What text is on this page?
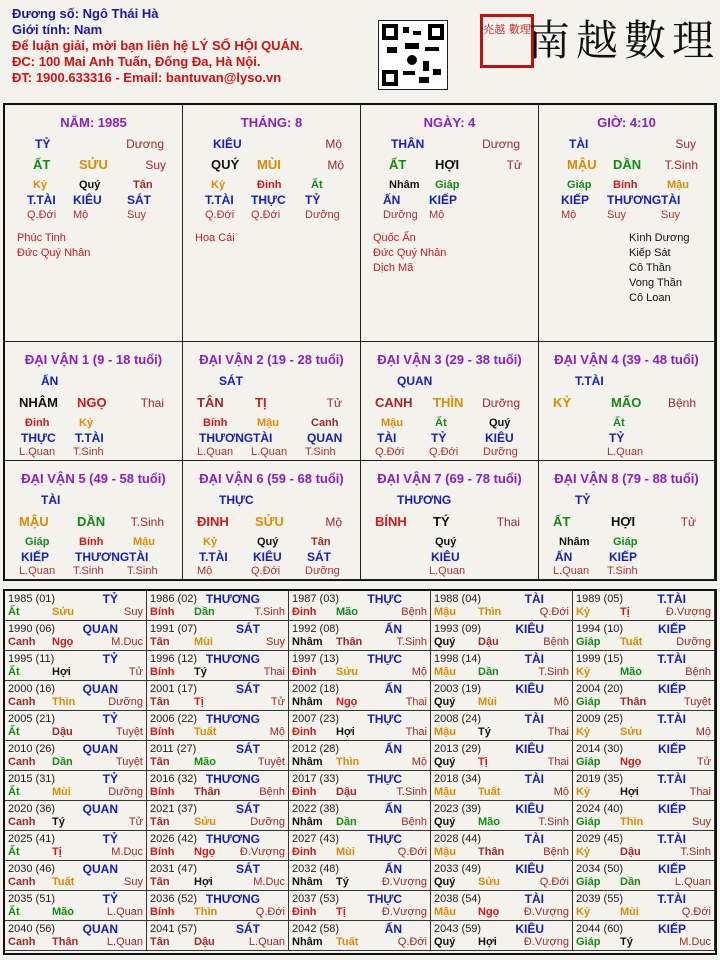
Đương số: Ngô Thái Hà
Giới tính: Nam
Để luận giải, mời bạn liên hệ LÝ SỐ HỘI QUÁN.
ĐC: 100 Mai Anh Tuấn, Đống Đa, Hà Nội.
ĐT: 1900.633316 - Email: bantuvan@lyso.vn
灮越 數理
南越數理
NĂM: 1985
TỶ	Dương
ẤT SỬU	Suy
Kỷ	Quý	Tân
T.TÀI KIÊU SÁT
Q.Đới Mộ	Suy
Phúc Tinh
Đức Quý Nhân
THÁNG: 8
KIÊU	Mộ
QUÝ MÙI	Mộ
Kỷ	Đinh	Ất
T.TÀI THỰC TỶ
Q.Đới Q.Đới Dưỡng
Hoa Cái
NGÀY: 4
THÂN	Dương
ẤT HỢI	Tử
Nhâm Giáp
ẤN KIẾP
Dưỡng Mộ
Quốc Ấn
Đức Quý Nhân
Dịch Mã
GIỜ: 4:10
TÀI	Suy
MẬU DẦN T.Sinh
Giáp Bính	Mậu
KIẾP THƯƠNG TÀI
Mộ	Suy	Suy
Kình Dương
Kiếp Sát
Cô Thần
Vong Thần
Cô Loan
ĐẠI VẬN 1 (9 - 18 tuổi)
ẤN
NHÂM NGỌ	Thai
Đinh	Kỷ
THỰC T.TÀI
L.Quan T.Sinh
ĐẠI VẬN 2 (19 - 28 tuổi)
SÁT
TÂN TỊ	Tử
Bính	Mậu	Canh
THƯƠNG TÀI	QUAN
L.Quan L.Quan T.Sinh
ĐẠI VẬN 3 (29 - 38 tuổi)
QUAN
CANH THÌN Dưỡng
Mậu	Ất	Quý
TÀI	TỶ	KIÊU
Q.Đới Q.Đới Dưỡng
ĐẠI VẬN 4 (39 - 48 tuổi)
T.TÀI
KỶ	MÃO Bệnh
Ất
TỶ
L.Quan
ĐẠI VẬN 5 (49 - 58 tuổi)
TÀI
MẬU DẦN T.Sinh
Giáp	Bính	Mậu
KIẾP THƯƠNG TÀI
L.Quan T.Sinh T.Sinh
ĐẠI VẬN 6 (59 - 68 tuổi)
THỰC
ĐINH SỬU	Mộ
Kỷ	Quý	Tân
T.TÀI KIÊU SÁT
Mộ	Q.Đới Dưỡng
ĐẠI VẬN 7 (69 - 78 tuổi)
THƯƠNG
BÍNH TÝ	Thai
Quý
KIÊU
L.Quan
ĐẠI VẬN 8 (79 - 88 tuổi)
TỶ
ẤT	HỢI	Tử
Nhâm Giáp
ẤN	KIẾP
L.Quan T.Sinh
1985 (01)	TỶ
Ất	Sửu	Suy
1986 (02) THƯƠNG
Bính Dần	T.Sinh
1987 (03) THỰC
Đinh Mão	Bệnh
1988 (04)	TÀI
Mậu Thìn	Q.Đới
1989 (05)	T.TÀI
Kỷ	Tị	Đ.Vượng
1990 (06) QUAN
Canh Ngọ	M.Dục
1991 (07)	SÁT
Tân Mùi	Suy
1992 (08)	ẤN
Nhâm Thân	T.Sinh
1993 (09)	KIÊU
Quý Dậu	Bệnh
1994 (10)	KIẾP
Giáp Tuất	Dưỡng
1995 (11)	TỶ
Ất	Hợi	Tử
1996 (12) THƯƠNG
Bính Tý	Thai
1997 (13) THỰC
Đinh Sửu	Mộ
1998 (14)	TÀI
Mậu Dần	T.Sinh
1999 (15)	T.TÀI
Kỷ	Mão	Bệnh
2000 (16) QUAN
Canh Thìn	Dưỡng
2001 (17)	SÁT
Tân Tị	Tử
2002 (18)	ẤN
Nhâm Ngọ	Thai
2003 (19)	KIÊU
Quý Mùi	Mộ
2004 (20)	KIẾP
Giáp Thân	Tuyệt
2005 (21)	TỶ
Ất	Dậu	Tuyệt
2006 (22) THƯƠNG
Bính Tuất	Mộ
2007 (23) THỰC
Đinh Hợi	Thai
2008 (24)	TÀI
Mậu Tý	Thai
2009 (25)	T.TÀI
Kỷ	Sửu	Mộ
2010 (26) QUAN
Canh Dần	Tuyệt
2011 (27)	SÁT
Tân Mão	Tuyệt
2012 (28)	ẤN
Nhâm Thìn	Mộ
2013 (29)	KIÊU
Quý Tị	Thai
2014 (30)	KIẾP
Giáp Ngọ	Tử
2015 (31)	TỶ
Ất	Mùi	Dưỡng
2016 (32) THƯƠNG
Bính Thân	Bệnh
2017 (33) THỰC
Đinh Dậu	T.Sinh
2018 (34)	TÀI
Mậu Tuất	Mộ
2019 (35)	T.TÀI
Kỷ	Hợi	Thai
2020 (36) QUAN
Canh Tý	Tử
2021 (37)	SÁT
Tân Sửu	Dưỡng
2022 (38)	ẤN
Nhâm Dần	Bệnh
2023 (39)	KIÊU
Quý Mão	T.Sinh
2024 (40)	KIẾP
Giáp Thìn	Suy
2025 (41)	TỶ
Ất	Tị	M.Dục
2026 (42) THƯƠNG
Bính Ngọ Đ.Vượng
2027 (43) THỰC
Đinh Mùi	Q.Đới
2028 (44)	TÀI
Mậu Thân	Bệnh
2029 (45)	T.TÀI
Kỷ	Dậu	T.Sinh
2030 (46) QUAN
Canh Tuất	Suy
2031 (47)	SÁT
Tân Hợi	M.Dục
2032 (48)	ẤN
Nhâm Tý	Đ.Vượng
2033 (49)	KIÊU
Quý Sửu	Q.Đới
2034 (50)	KIẾP
Giáp Dần	L.Quan
2035 (51)	TỶ
Ất	Mão	L.Quan
2036 (52) THƯƠNG
Bính Thìn	Q.Đới
2037 (53) THỰC
Đinh Tị	Đ.Vượng
2038 (54)	TÀI
Mậu Ngọ Đ.Vượng
2039 (55)	T.TÀI
Kỷ	Mùi	Q.Đới
2040 (56) QUAN
Canh Thân	L.Quan
2041 (57)	SÁT
Tân Dậu	L.Quan
2042 (58)	ẤN
Nhâm Tuất	Q.Đới
2043 (59)	KIÊU
Quý Hợi Đ.Vượng
2044 (60)	KIẾP
Giáp Tý	M.Dục
